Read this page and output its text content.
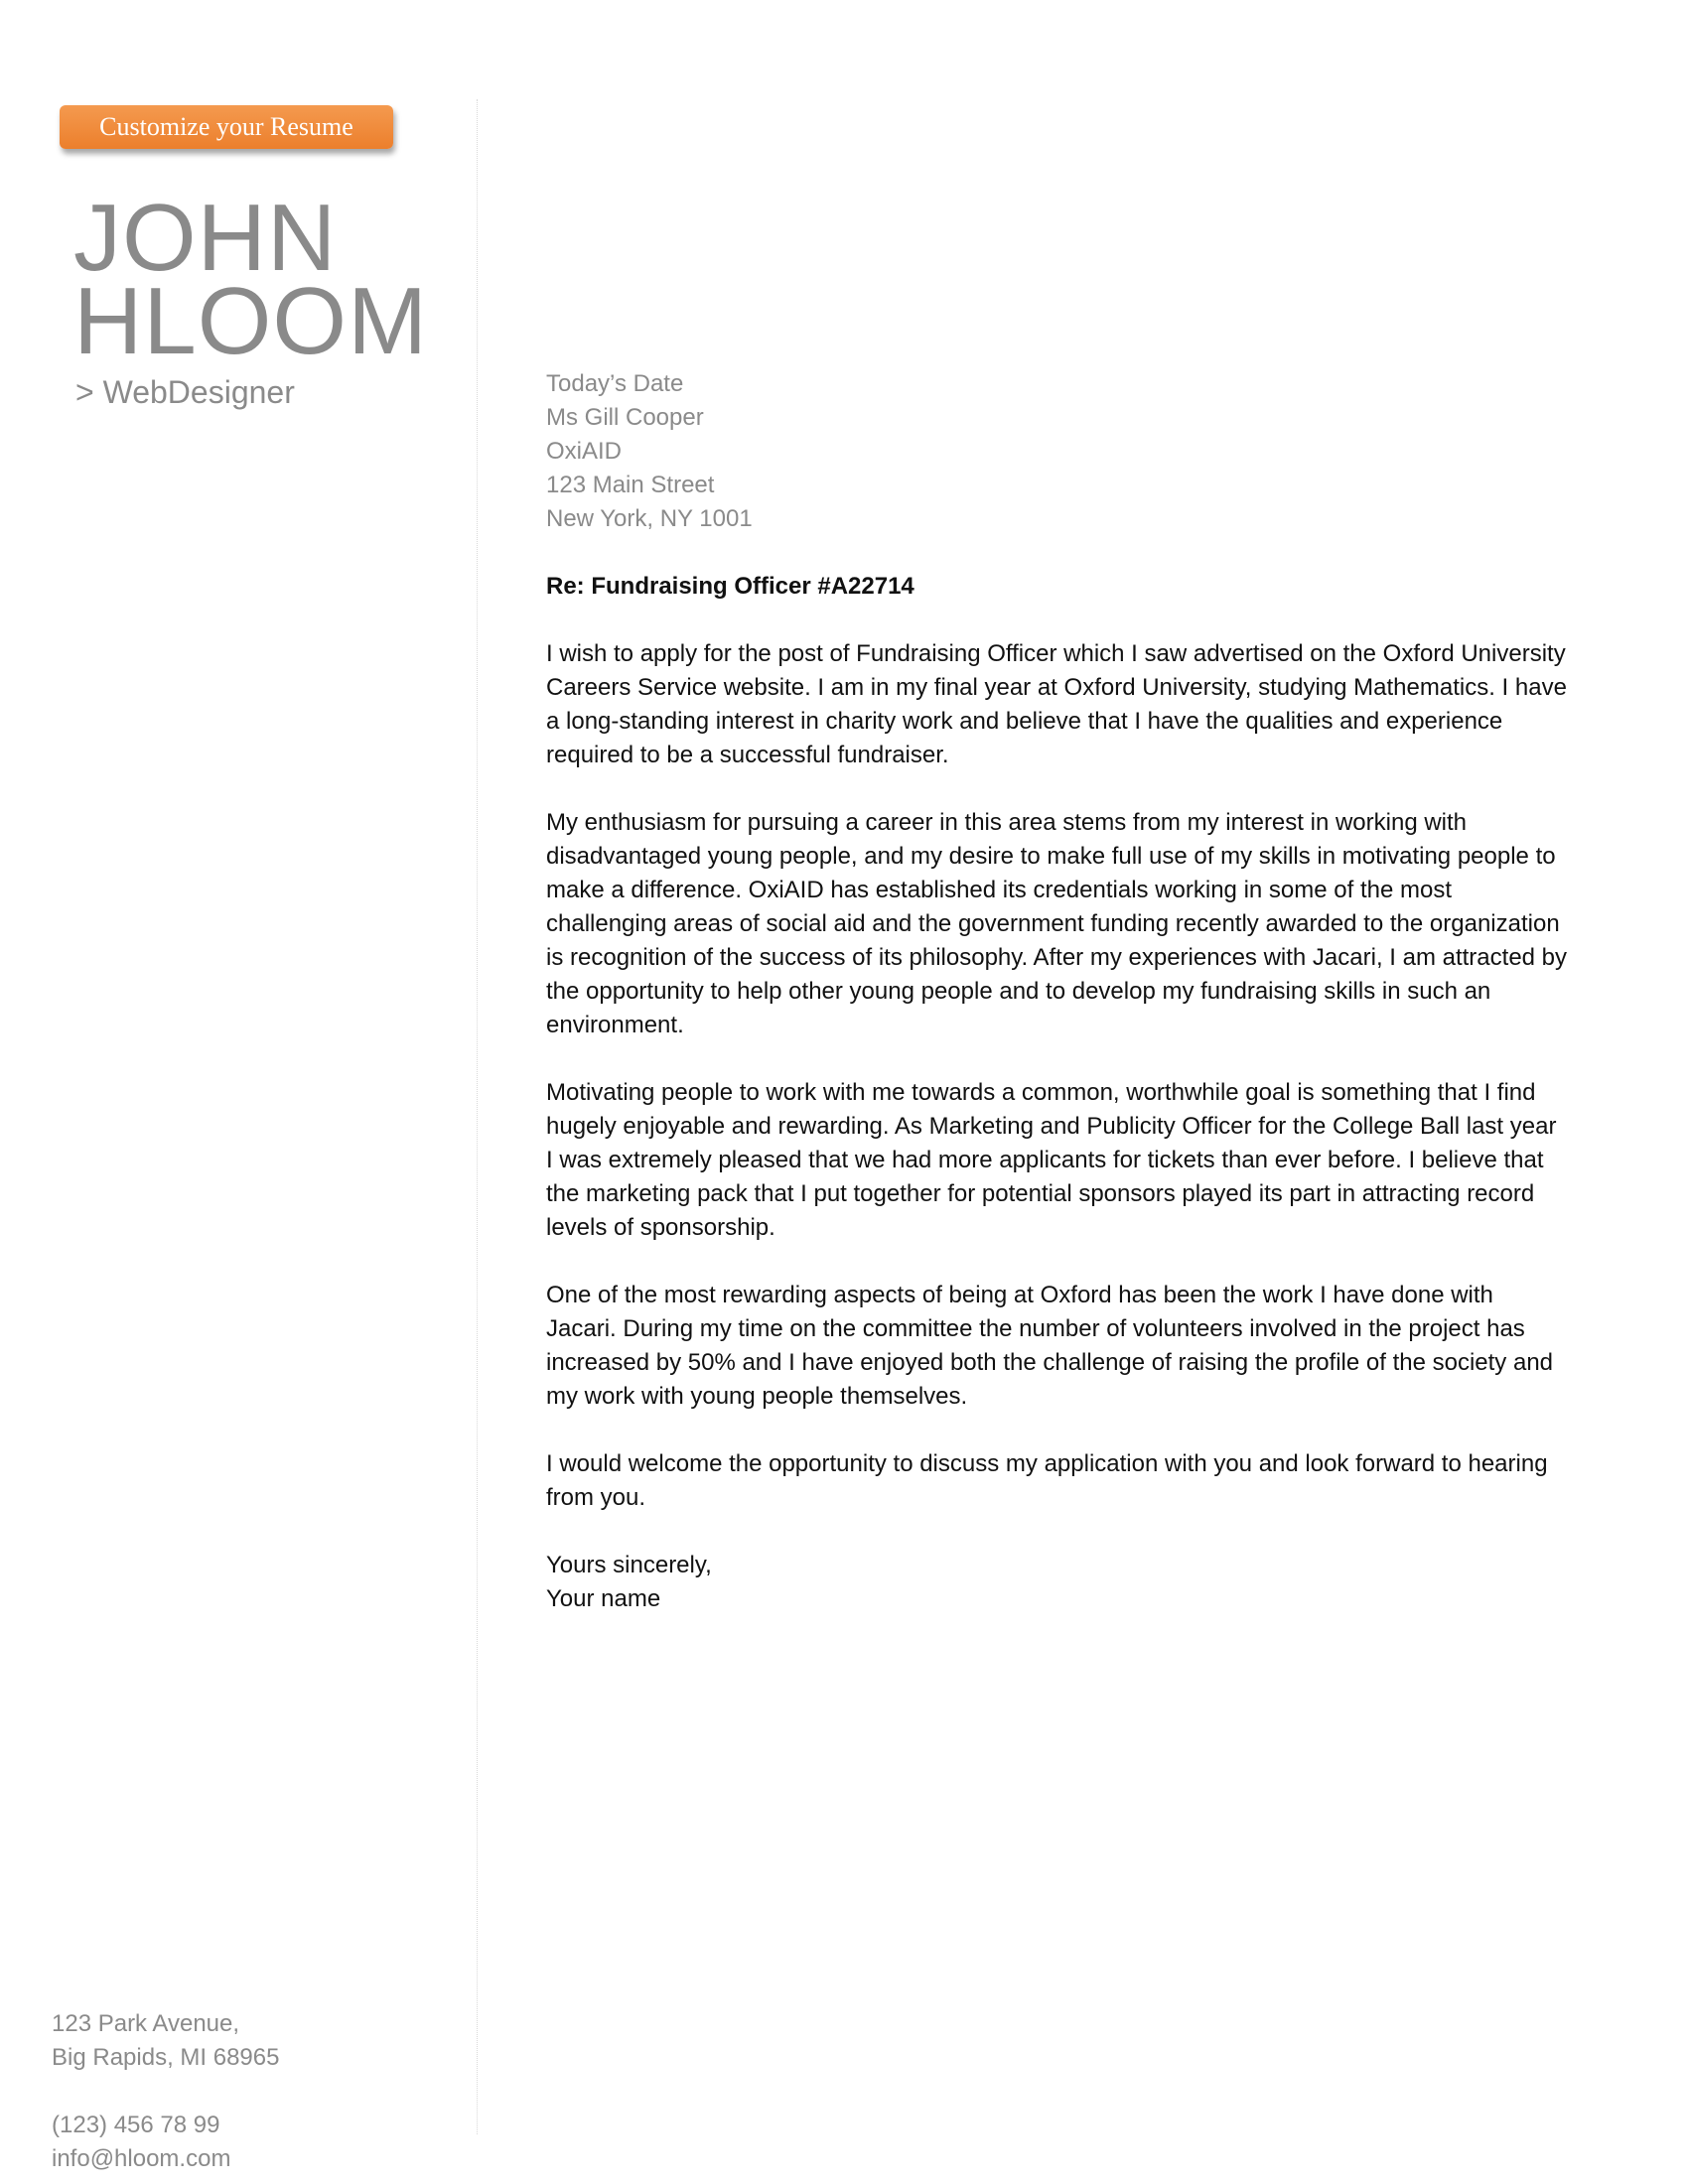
Customize your Resume
JOHN
HLOOM
> WebDesigner	Today’s Date
Ms Gill Cooper
OxiAID
123 Main Street
New York, NY 1001
Re: Fundraising Officer #A22714

I wish to apply for the post of Fundraising Officer which I saw advertised on the Oxford University Careers Service website. I am in my final year at Oxford University, studying Mathematics. I have a long-standing interest in charity work and believe that I have the qualities and experience required to be a successful fundraiser.

My enthusiasm for pursuing a career in this area stems from my interest in working with disadvantaged young people, and my desire to make full use of my skills in motivating people to make a difference. OxiAID has established its credentials working in some of the most challenging areas of social aid and the government funding recently awarded to the organization is recognition of the success of its philosophy. After my experiences with Jacari, I am attracted by the opportunity to help other young people and to develop my fundraising skills in such an environment.

Motivating people to work with me towards a common, worthwhile goal is something that I find hugely enjoyable and rewarding. As Marketing and Publicity Officer for the College Ball last year I was extremely pleased that we had more applicants for tickets than ever before. I believe that the marketing pack that I put together for potential sponsors played its part in attracting record levels of sponsorship.

One of the most rewarding aspects of being at Oxford has been the work I have done with Jacari. During my time on the committee the number of volunteers involved in the project has increased by 50% and I have enjoyed both the challenge of raising the profile of the society and my work with young people themselves.

I would welcome the opportunity to discuss my application with you and look forward to hearing from you.

Yours sincerely,
Your name
123 Park Avenue,
Big Rapids, MI 68965
(123) 456 78 99
info@hloom.com
